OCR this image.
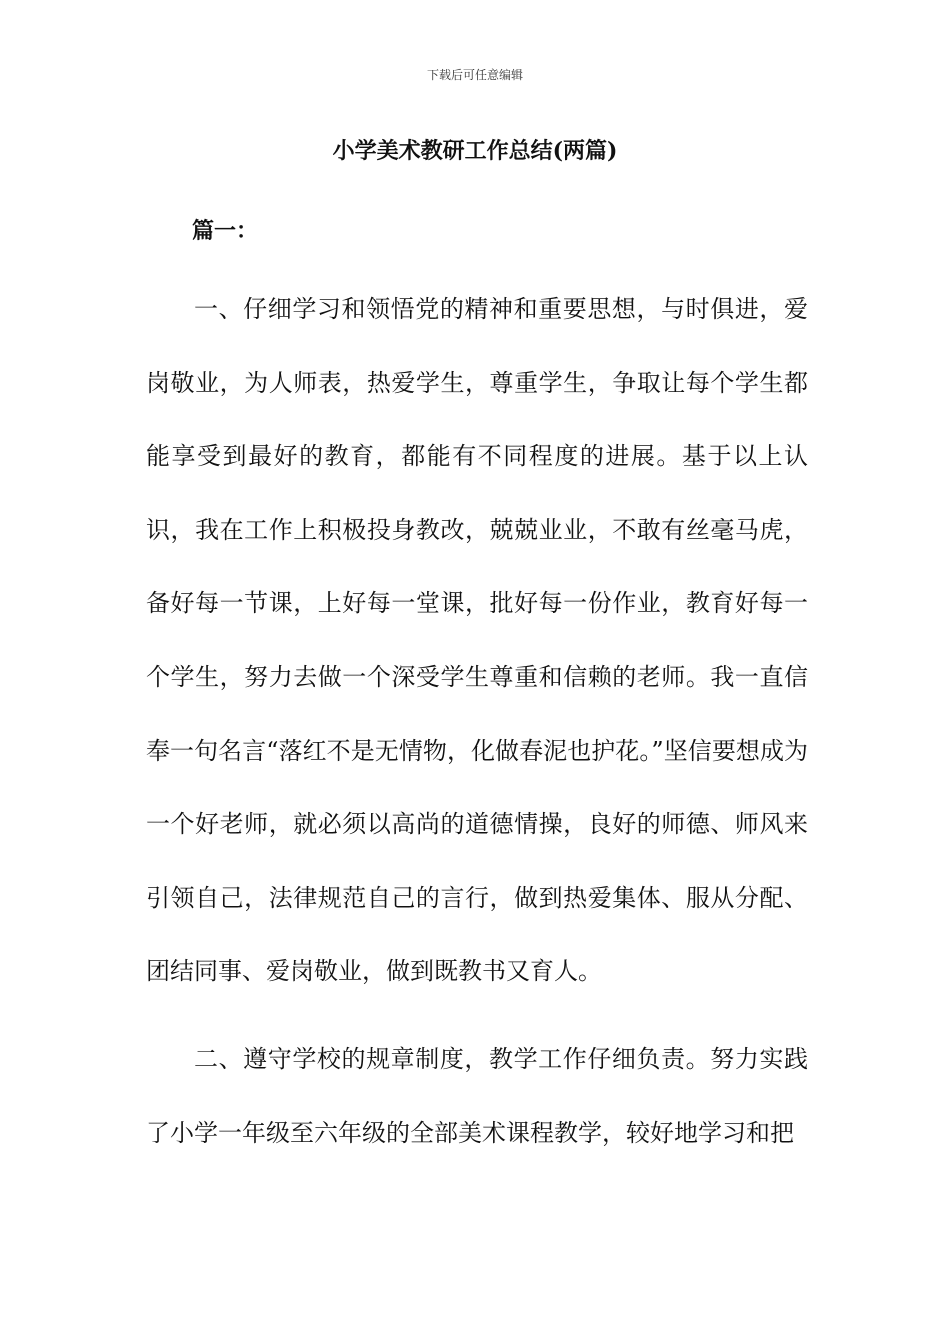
下载后可任意编辑
小学美术教研工作总结(两篇)
篇一：

一、仔细学习和领悟党的精神和重要思想，与时俱进，爱岗敬业，为人师表，热爱学生，尊重学生，争取让每个学生都能享受到最好的教育，都能有不同程度的进展。基于以上认识，我在工作上积极投身教改，兢兢业业，不敢有丝毫马虎，备好每一节课，上好每一堂课，批好每一份作业，教育好每一个学生，努力去做一个深受学生尊重和信赖的老师。我一直信奉一句名言“落红不是无情物，化做春泥也护花。”坚信要想成为一个好老师，就必须以高尚的道德情操，良好的师德、师风来引领自己，法律规范自己的言行，做到热爱集体、服从分配、团结同事、爱岗敬业，做到既教书又育人。

二、遵守学校的规章制度，教学工作仔细负责。努力实践了小学一年级至六年级的全部美术课程教学，较好地学习和把
